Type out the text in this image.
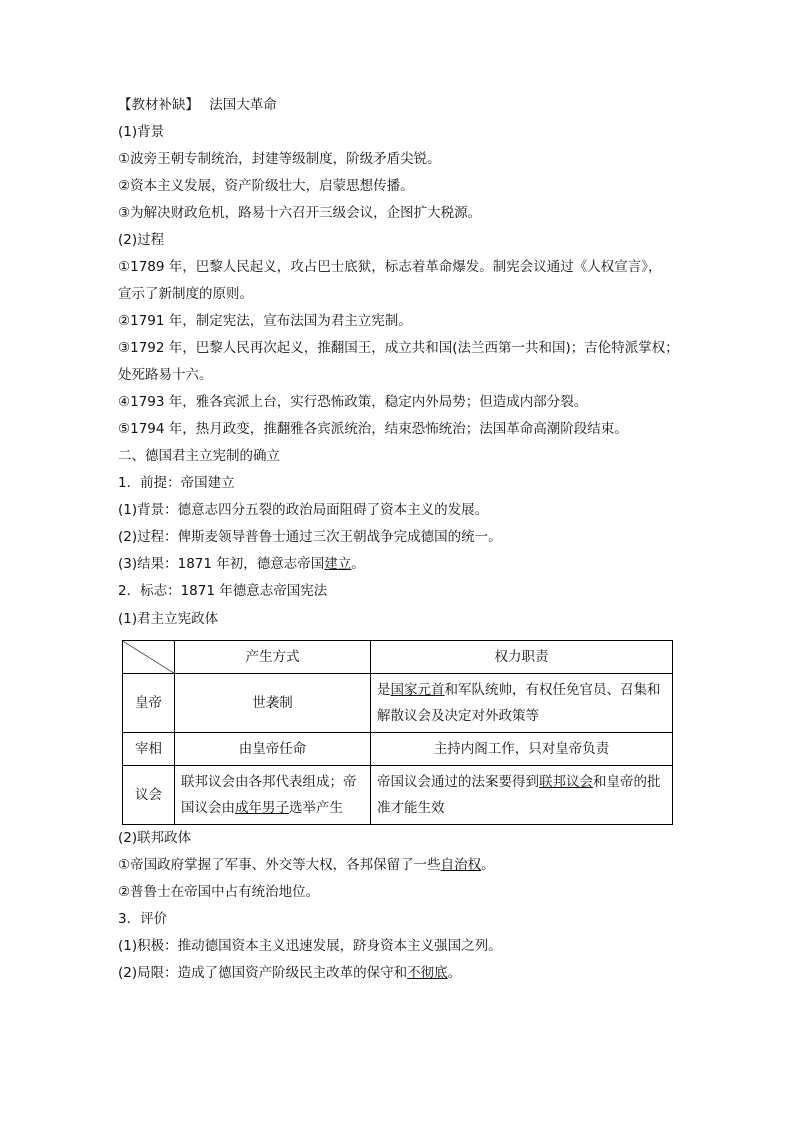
【教材补缺】 法国大革命
(1)背景
①波旁王朝专制统治，封建等级制度，阶级矛盾尖锐。
②资本主义发展，资产阶级壮大，启蒙思想传播。
③为解决财政危机，路易十六召开三级会议，企图扩大税源。
(2)过程
①1789 年，巴黎人民起义，攻占巴士底狱，标志着革命爆发。制宪会议通过《人权宣言》，
宣示了新制度的原则。
②1791 年，制定宪法，宣布法国为君主立宪制。
③1792 年，巴黎人民再次起义，推翻国王，成立共和国(法兰西第一共和国)；吉伦特派掌权；
处死路易十六。
④1793 年，雅各宾派上台，实行恐怖政策，稳定内外局势；但造成内部分裂。
⑤1794 年，热月政变，推翻雅各宾派统治，结束恐怖统治；法国革命高潮阶段结束。
二、德国君主立宪制的确立
1．前提：帝国建立
(1)背景：德意志四分五裂的政治局面阻碍了资本主义的发展。
(2)过程：俾斯麦领导普鲁士通过三次王朝战争完成德国的统一。
(3)结果：1871 年初，德意志帝国建立。
2．标志：1871 年德意志帝国宪法
(1)君主立宪政体
	产生方式	权力职责
皇帝	世袭制	是国家元首和军队统帅，有权任免官员、召集和解散议会及决定对外政策等
宰相	由皇帝任命	主持内阁工作，只对皇帝负责
议会	联邦议会由各邦代表组成；帝国议会由成年男子选举产生	帝国议会通过的法案要得到联邦议会和皇帝的批准才能生效
(2)联邦政体
①帝国政府掌握了军事、外交等大权，各邦保留了一些自治权。
②普鲁士在帝国中占有统治地位。
3．评价
(1)积极：推动德国资本主义迅速发展，跻身资本主义强国之列。
(2)局限：造成了德国资产阶级民主改革的保守和不彻底。
